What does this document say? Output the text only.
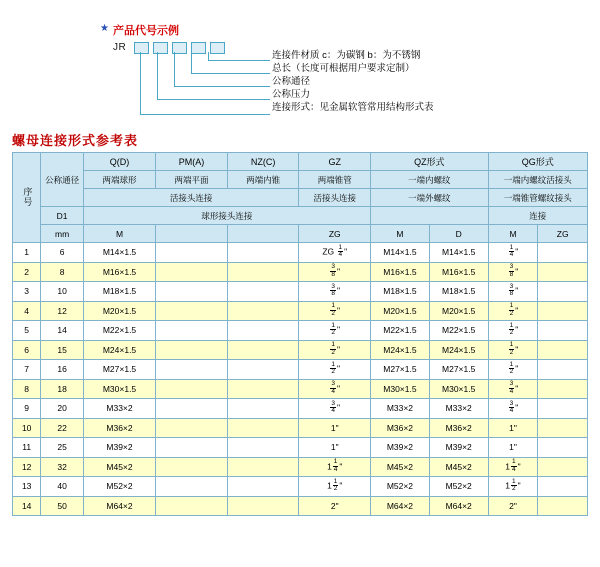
★ 产品代号示例
JR
连接件材质 c：为碳钢 b：为不锈钢
总长（长度可根据用户要求定制）
公称通径
公称压力
连接形式：见金属软管常用结构形式表
螺母连接形式参考表
序号	公称通径	Q(D)	PM(A)	NZ(C)	GZ	QZ形式		QG形式	
		两端球形	两端平面	两端内锥	两端锥管	一端内螺纹		一端内螺纹活接头	
		活接头连接			活接头连接	一端外螺纹		一端锥管螺纹接头	
	D1	球形接头连接						连接	
	mm	M			ZG	M	D	M	ZG
1	6	M14×1.5			ZG $\frac{1}{4}$ "	M14×1.5	M14×1.5	$\frac{1}{4}$ "	
2	8	M16×1.5			$\frac{3}{8}$ "	M16×1.5	M16×1.5	$\frac{3}{8}$ "	
3	10	M18×1.5			$\frac{3}{8}$ "	M18×1.5	M18×1.5	$\frac{3}{8}$ "	
4	12	M20×1.5			$\frac{1}{2}$ "	M20×1.5	M20×1.5	$\frac{1}{2}$ "	
5	14	M22×1.5			$\frac{1}{2}$ "	M22×1.5	M22×1.5	$\frac{1}{2}$ "	
6	15	M24×1.5			$\frac{1}{2}$ "	M24×1.5	M24×1.5	$\frac{1}{2}$ "	
7	16	M27×1.5			$\frac{1}{2}$ "	M27×1.5	M27×1.5	$\frac{1}{2}$ "	
8	18	M30×1.5			$\frac{3}{4}$ "	M30×1.5	M30×1.5	$\frac{3}{4}$ "	
9	20	M33×2			$\frac{3}{4}$ "	M33×2	M33×2	$\frac{3}{4}$ "	
10	22	M36×2			1"	M36×2	M36×2	1"	
11	25	M39×2			1"	M39×2	M39×2	1"	
12	32	M45×2			$1 \frac{1}{4}$ "	M45×2	M45×2	$1 \frac{1}{4}$ "	
13	40	M52×2			$1 \frac{1}{2}$ "	M52×2	M52×2	$1 \frac{1}{2}$ "	
14	50	M64×2			2"	M64×2	M64×2	2"	
